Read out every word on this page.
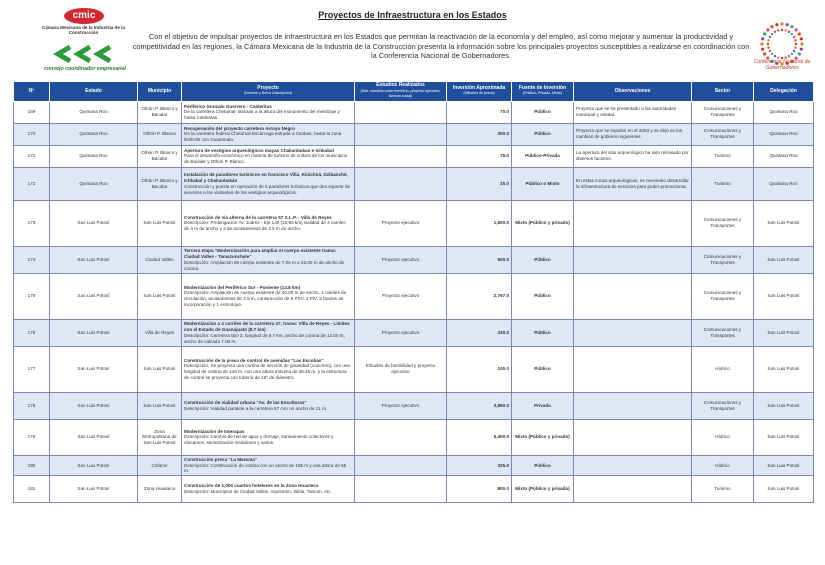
cmic
Cámara Mexicana de la Industria de la Construcción
consejo coordinador empresarial
Proyectos de Infraestructura en los Estados
Con el objetivo de impulsar proyectos de infraestructura en los Estados que permitan la reactivación de la economía y del empleo, así como mejorar y aumentar la productividad y competitividad en las regiones, la Cámara Mexicana de la Industria de la Construcción presenta la información sobre los principales proyectos susceptibles a realizarse en coordinación con la Conferencia Nacional de Gobernadores.
Conferencia Nacional de Gobernadores
Nº	Estado	Municipio	Proyecto
(Nombre y Breve Descripción)	Estudios Realizados
(MIA, estudios costo beneficio, proyecto ejecutivo, licencia social)	Inversión Aproximada
(Millones de pesos)	Fuente de Inversión
(Público, Privado, Mixto)	Observaciones	Sector	Delegación
169	Quintana Roo	Othón P. Blanco y Bacalar	Periférico Gonzalo Guerrero - Calderitas
De la carretera Chetumal- Bacalar a la altura del monumento del mestizaje y hasta Calderitas.		70.0	Público	Proyecto que se ha presentado a las autoridades municipal y estatal.	Comunicaciones y Transportes	Quintana Roo
170	Quintana Roo	Othón P. Blanco	Recuperación del proyecto carretero Arroyo Negro
De la carretera federal Chetumal Escárcega entrada a Caobas, hasta la zona limítrofe con Guatemala.		300.0	Público	Proyecto que se impulsó en el 2003 y se dejó en los cambios de gobierno siguientes.	Comunicaciones y Transportes	Quintana Roo
171	Quintana Roo	Othón P. Blanco y Bacalar	Apertura de vestigios arqueológicos mayas Chakanbakan e Ichkabal
Para el desarrollo económico en materia de turismo de cultura de los municipios de Bacalar y Othón P. Blanco.		75.0	Público-Privada	La apertura del sitio arqueológico ha sido retrasado por diversos factores.	Turismo	Quintana Roo
172	Quintana Roo	Othón P. Blanco y Bacalar	Instalación de paradores turísticos en francisco Villa, Kinichná, Dzibanché, Ichkabal y Chakanbakán
Construcción y puesta en operación de 5 paradores turísticos que den soporte de servicios a los visitantes de los vestigios arqueológicos.		25.0	Público o Mixto	En estas zonas arqueológicas, es necesario desarrollar la infraestructura de servicios para poder promocionar.	Turismo	Quintana Roo
173	San Luis Potosí	San Luis Potosí	Construcción de vía alterna de la carretera 57 S.L.P. - Villa de Reyes
Descripción: Prolongación Av. Juárez - Eje 140 (10.90 km) vialidad de 4 carriles de 4 m de ancho y 2 de acotamientos de 2.5 m de ancho.	Proyecto ejecutivo	1,600.0	Mixto (Público y privado)		Comunicaciones y Transportes	San Luis Potosí
174	San Luis Potosí	Ciudad Valles	Tercera etapa "Modernización para ampliar el cuerpo existente tramo: Ciudad Valles - Tamazunchale"
Descripción: Ampliación de cuerpo existente de 7.00 m a 22.00 m de ancho de corona.	Proyecto ejecutivo	500.0	Público		Comunicaciones y Transportes	San Luis Potosí
175	San Luis Potosí	San Luis Potosí	Modernización del Periférico Sur - Poniente (13.8 km)
Descripción: Ampliación de cuerpo existente de 40.00 m de ancho, 4 carriles de circulación, acotamientos de 2.5 m, construcción de 5 PSV, 1 PIV, 2 brazos de incorporación y 1 entronque.	Proyecto ejecutivo	2,767.0	Público		Comunicaciones y Transportes	San Luis Potosí
176	San Luis Potosí	Villa de Reyes	Modernización a 4 carriles de la carretera 37, tramo: Villa de Reyes - Límites con el Estado de Guanajuato (8.7 km)
Descripción: Carretera tipo 2, longitud de 8.7 km, ancho de corona de 12.00 m, ancho de calzada 7.00 m.	Proyecto ejecutivo	330.0	Público		Comunicaciones y Transportes	San Luis Potosí
177	San Luis Potosí	San Luis Potosí	Construcción de la presa de control de avenidas "Las Escobas"
Descripción: Se proyecta una cortina de sección de gravedad (concreto), con una longitud de cortina de 140 m, con una altura máxima de 36.45 m, y la estructura de control se proyecta con tubería de 18" de diámetro.	Estudios de factibilidad y proyecto ejecutivo	100.0	Público		Hídrico	San Luis Potosí
178	San Luis Potosí	San Luis Potosí	Construcción de vialidad urbana "Av. de las Esculturas"
Descripción: Vialidad paralela a la carretera 57 con un ancho de 21 m.	Proyecto ejecutivo	3,850.0	Privado		Comunicaciones y Transportes	San Luis Potosí
179	San Luis Potosí	Zona Metropolitana de San Luis Potosí	Modernización de Interapas
Descripción: Cambio de red de agua y drenaje, saneamiento colectores y cárcamos, sectorización medidores y varios.		5,400.0	Mixto (Público y privado)		Hídrico	San Luis Potosí
180	San Luis Potosí	Cofarce	Construcción presa "La Maroma"
Descripción: Construcción de cortina con un ancho de 185 m y una altura de 55 m.		325.0	Público		Hídrico	San Luis Potosí
181	San Luis Potosí	Zona Huasteca	Construcción de 1,000 cuartos hoteleros en la Zona Huasteca
Descripción: Municipios de Ciudad Valles, Aquismón, Xilitla, Tamuín, etc.		800.0	Mixto (Público y privado)		Turismo	San Luis Potosí
